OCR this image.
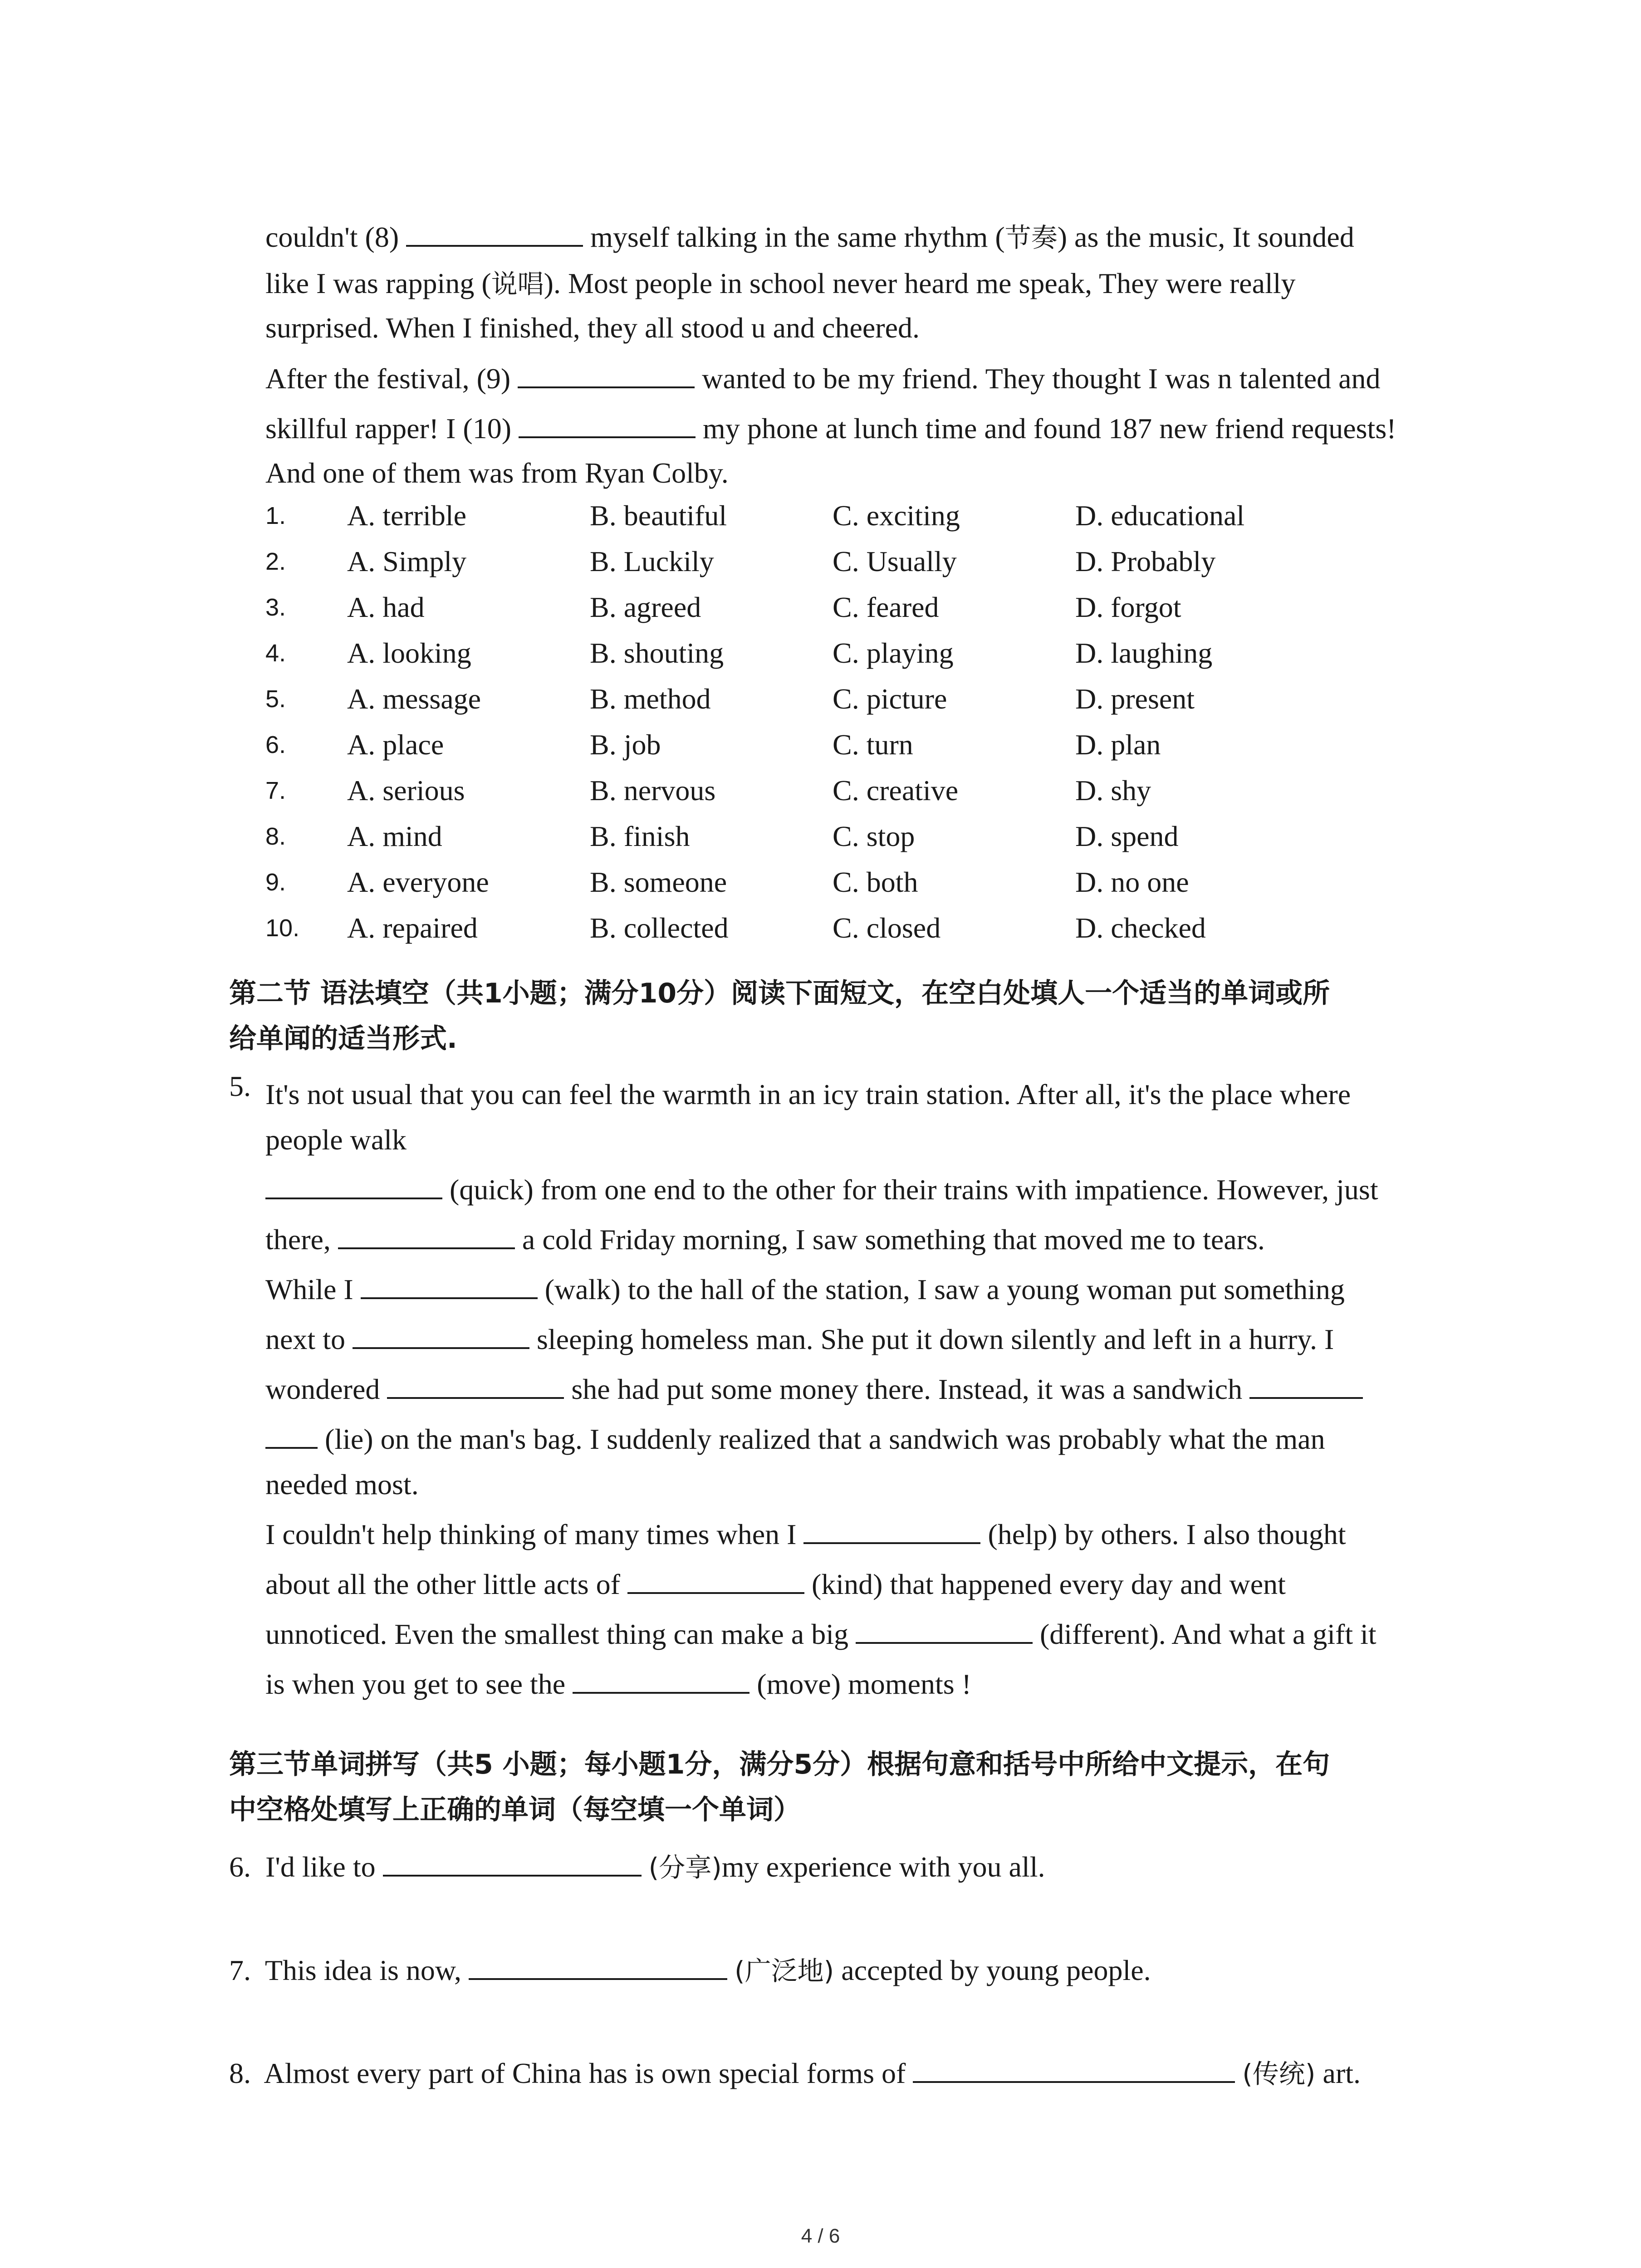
couldn't (8)	myself talking in the same rhythm (节奏) as the music, It sounded
like I was rapping (说唱). Most people in school never heard me speak, They were really
surprised. When I finished, they all stood u and cheered.
After the festival, (9)	wanted to be my friend. They thought I was n talented and
skillful rapper! I (10)	my phone at lunch time and found 187 new friend requests!
And one of them was from Ryan Colby.
1. A. terrible	B. beautiful	C. exciting	D. educational
2. A. Simply	B. Luckily	C. Usually	D. Probably
3. A. had	B. agreed	C. feared	D. forgot
4. A. looking	B. shouting	C. playing	D. laughing
5. A. message	B. method	C. picture	D. present
6. A. place	B. job	C. turn	D. plan
7. A. serious	B. nervous	C. creative	D. shy
8. A. mind	B. finish	C. stop	D. spend
9. A. everyone	B. someone	C. both	D. no one
10. A. repaired	B. collected	C. closed	D. checked
第二节 语法填空（共1小题；满分10分）阅读下面短文，在空白处填人一个适当的单词或所
给单闻的适当形式.
5. It's not usual that you can feel the warmth in an icy train station. After all, it's the place where
people walk
(quick) from one end to the other for their trains with impatience. However, just
there,	a cold Friday morning, I saw something that moved me to tears.
While I	(walk) to the hall of the station, I saw a young woman put something
next to	sleeping homeless man. She put it down silently and left in a hurry. I
wondered	she had put some money there. Instead, it was a sandwich
(lie) on the man's bag. I suddenly realized that a sandwich was probably what the man
needed most.
I couldn't help thinking of many times when I	(help) by others. I also thought
about all the other little acts of	(kind) that happened every day and went
unnoticed. Even the smallest thing can make a big	(different). And what a gift it
is when you get to see the	(move) moments !
第三节单词拼写（共5 小题；每小题1分，满分5分）根据句意和括号中所给中文提示，在句
中空格处填写上正确的单词（每空填一个单词）
6. I'd like to	(分享)my experience with you all.
7. This idea is now,	(广泛地) accepted by young people.
8. Almost every part of China has is own special forms of	(传统) art.
4 / 6
